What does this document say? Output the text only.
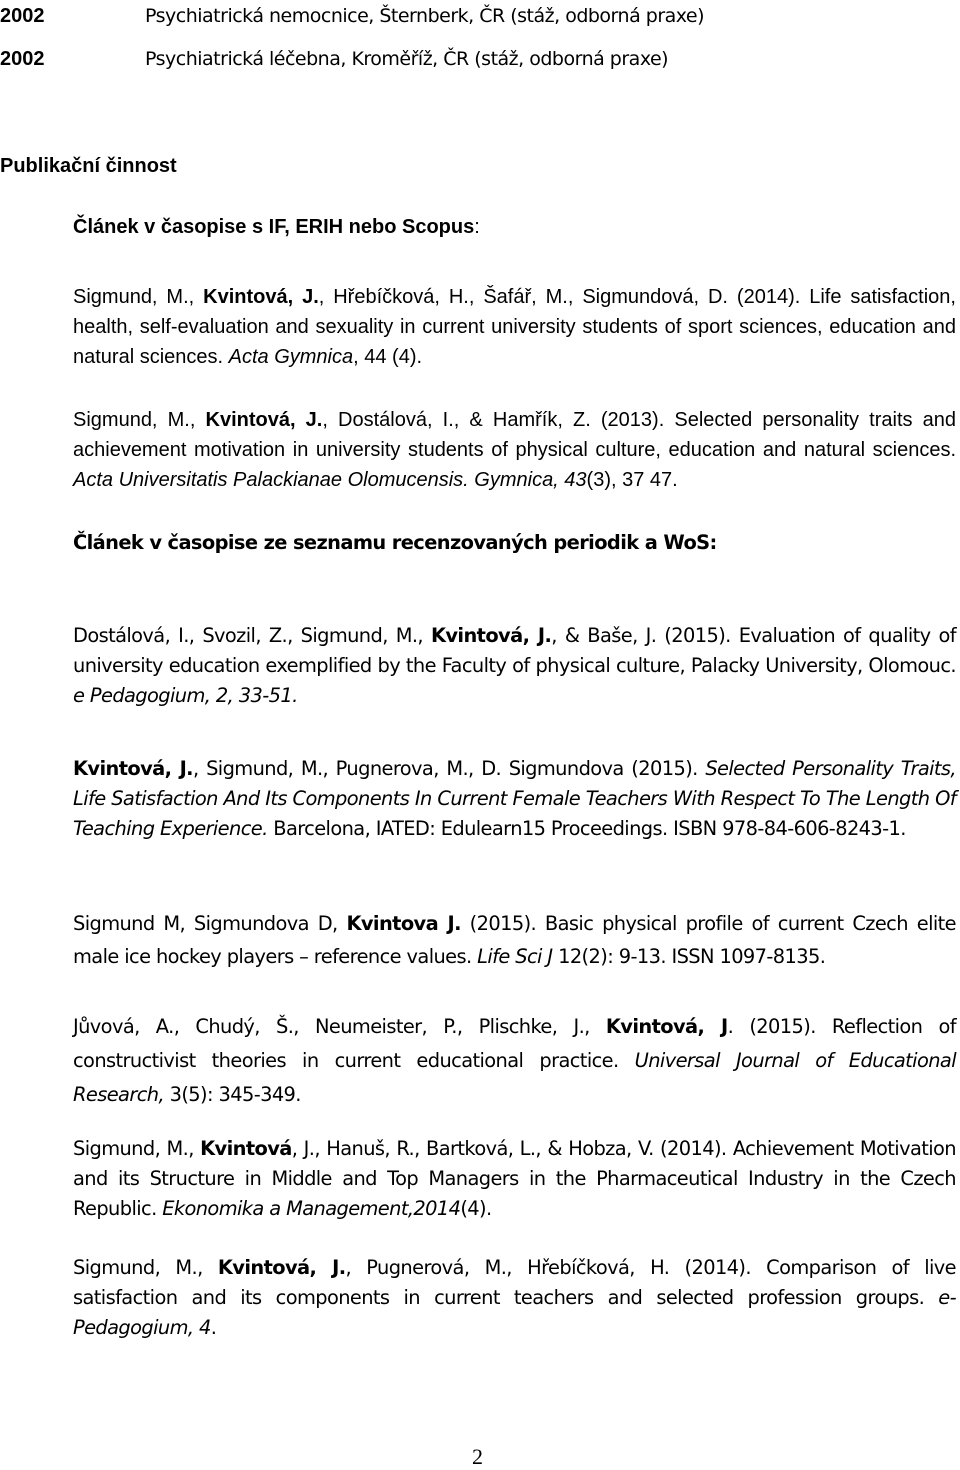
2002	Psychiatrická nemocnice, Šternberk, ČR (stáž, odborná praxe)
2002	Psychiatrická léčebna, Kroměříž, ČR (stáž, odborná praxe)
Publikační činnost
Článek v časopise s IF, ERIH nebo Scopus:
Sigmund, M., Kvintová, J., Hřebíčková, H., Šafář, M., Sigmundová, D. (2014). Life satisfaction, health, self-evaluation and sexuality in current university students of sport sciences, education and natural sciences. Acta Gymnica, 44 (4).
Sigmund, M., Kvintová, J., Dostálová, I., & Hamřík, Z. (2013). Selected personality traits and achievement motivation in university students of physical culture, education and natural sciences. Acta Universitatis Palackianae Olomucensis. Gymnica, 43(3), 37 47.
Článek v časopise ze seznamu recenzovaných periodik a WoS:
Dostálová, I., Svozil, Z., Sigmund, M., Kvintová, J., & Baše, J. (2015). Evaluation of quality of university education exemplified by the Faculty of physical culture, Palacky University, Olomouc. e Pedagogium, 2, 33-51.
Kvintová, J., Sigmund, M., Pugnerova, M., D. Sigmundova (2015). Selected Personality Traits, Life Satisfaction And Its Components In Current Female Teachers With Respect To The Length Of Teaching Experience. Barcelona, IATED: Edulearn15 Proceedings. ISBN 978-84-606-8243-1.
Sigmund M, Sigmundova D, Kvintova J. (2015). Basic physical profile of current Czech elite male ice hockey players – reference values. Life Sci J 12(2): 9-13. ISSN 1097-8135.
Jůvová, A., Chudý, Š., Neumeister, P., Plischke, J., Kvintová, J. (2015). Reflection of constructivist theories in current educational practice. Universal Journal of Educational Research, 3(5): 345-349.
Sigmund, M., Kvintová, J., Hanuš, R., Bartková, L., & Hobza, V. (2014). Achievement Motivation and its Structure in Middle and Top Managers in the Pharmaceutical Industry in the Czech Republic. Ekonomika a Management,2014(4).
Sigmund, M., Kvintová, J., Pugnerová, M., Hřebíčková, H. (2014). Comparison of live satisfaction and its components in current teachers and selected profession groups. e- Pedagogium, 4.
2
